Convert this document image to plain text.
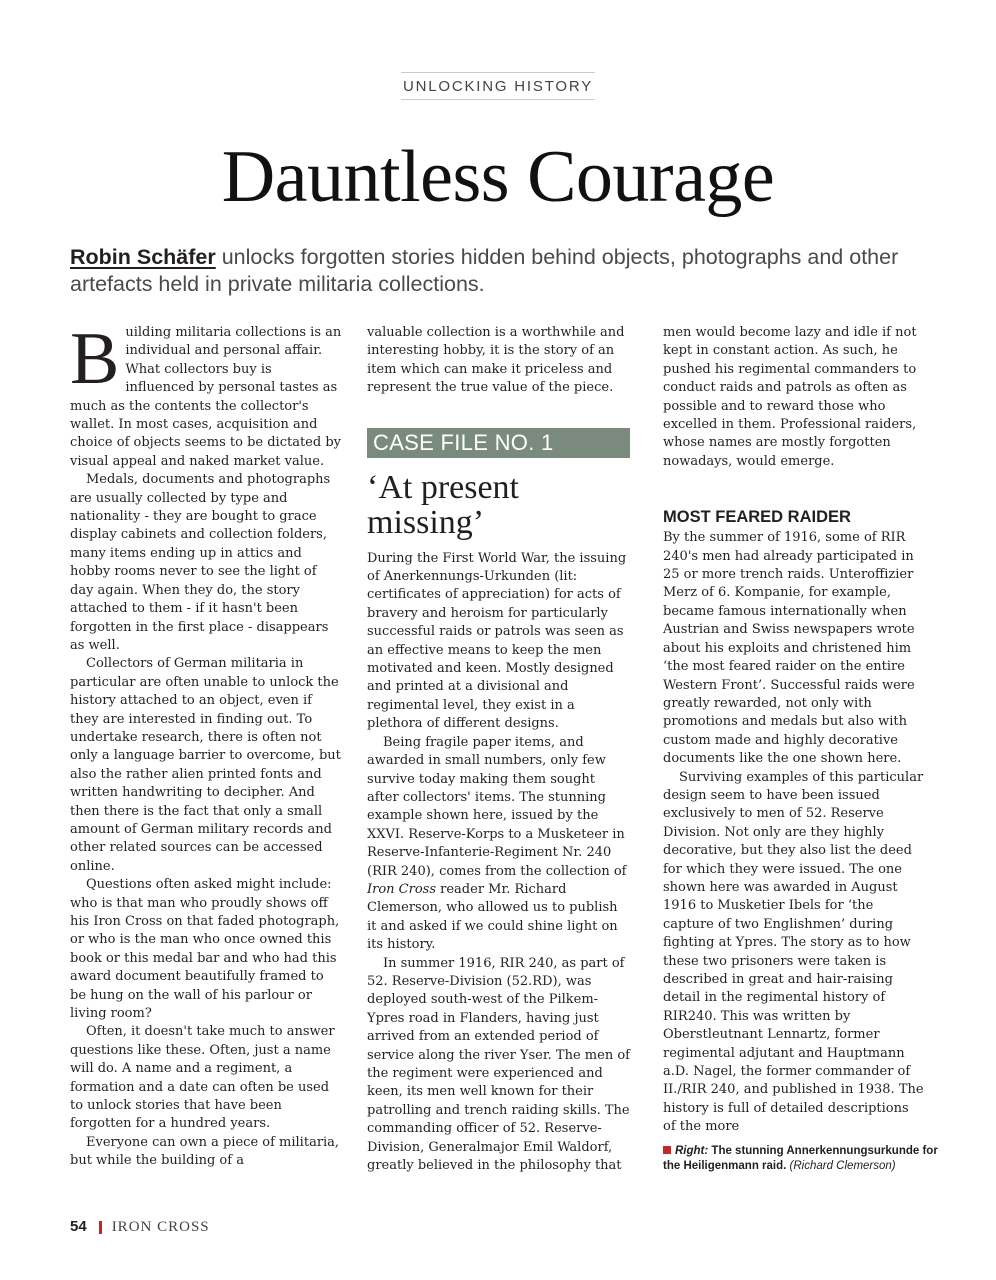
UNLOCKING HISTORY
Dauntless Courage

Robin Schäfer unlocks forgotten stories hidden behind objects, photographs and other artefacts held in private militaria collections.

Building militaria collections is an individual and personal affair. What collectors buy is influenced by personal tastes as much as the contents the collector's wallet. In most cases, acquisition and choice of objects seems to be dictated by visual appeal and naked market value.

Medals, documents and photographs are usually collected by type and nationality - they are bought to grace display cabinets and collection folders, many items ending up in attics and hobby rooms never to see the light of day again. When they do, the story attached to them - if it hasn't been forgotten in the first place - disappears as well.

Collectors of German militaria in particular are often unable to unlock the history attached to an object, even if they are interested in finding out. To undertake research, there is often not only a language barrier to overcome, but also the rather alien printed fonts and written handwriting to decipher. And then there is the fact that only a small amount of German military records and other related sources can be accessed online.

Questions often asked might include: who is that man who proudly shows off his Iron Cross on that faded photograph, or who is the man who once owned this book or this medal bar and who had this award document beautifully framed to be hung on the wall of his parlour or living room?

Often, it doesn't take much to answer questions like these. Often, just a name will do. A name and a regiment, a formation and a date can often be used to unlock stories that have been forgotten for a hundred years.

Everyone can own a piece of militaria, but while the building of a

valuable collection is a worthwhile and interesting hobby, it is the story of an item which can make it priceless and represent the true value of the piece.

CASE FILE NO. 1
‘At present missing’

During the First World War, the issuing of Anerkennungs-Urkunden (lit: certificates of appreciation) for acts of bravery and heroism for particularly successful raids or patrols was seen as an effective means to keep the men motivated and keen. Mostly designed and printed at a divisional and regimental level, they exist in a plethora of different designs.

Being fragile paper items, and awarded in small numbers, only few survive today making them sought after collectors' items. The stunning example shown here, issued by the XXVI. Reserve-Korps to a Musketeer in Reserve-Infanterie-Regiment Nr. 240 (RIR 240), comes from the collection of Iron Cross reader Mr. Richard Clemerson, who allowed us to publish it and asked if we could shine light on its history.

In summer 1916, RIR 240, as part of 52. Reserve-Division (52.RD), was deployed south-west of the Pilkem-Ypres road in Flanders, having just arrived from an extended period of service along the river Yser. The men of the regiment were experienced and keen, its men well known for their patrolling and trench raiding skills. The commanding officer of 52. Reserve-Division, Generalmajor Emil Waldorf, greatly believed in the philosophy that

men would become lazy and idle if not kept in constant action. As such, he pushed his regimental commanders to conduct raids and patrols as often as possible and to reward those who excelled in them. Professional raiders, whose names are mostly forgotten nowadays, would emerge.

MOST FEARED RAIDER

By the summer of 1916, some of RIR 240's men had already participated in 25 or more trench raids. Unteroffizier Merz of 6. Kompanie, for example, became famous internationally when Austrian and Swiss newspapers wrote about his exploits and christened him ‘the most feared raider on the entire Western Front’. Successful raids were greatly rewarded, not only with promotions and medals but also with custom made and highly decorative documents like the one shown here.

Surviving examples of this particular design seem to have been issued exclusively to men of 52. Reserve Division. Not only are they highly decorative, but they also list the deed for which they were issued. The one shown here was awarded in August 1916 to Musketier Ibels for ‘the capture of two Englishmen’ during fighting at Ypres. The story as to how these two prisoners were taken is described in great and hair-raising detail in the regimental history of RIR240. This was written by Oberstleutnant Lennartz, former regimental adjutant and Hauptmann a.D. Nagel, the former commander of II./RIR 240, and published in 1938. The history is full of detailed descriptions of the more

Right: The stunning Annerkennungsurkunde for the Heiligenmann raid. (Richard Clemerson)
54 IRON CROSS
